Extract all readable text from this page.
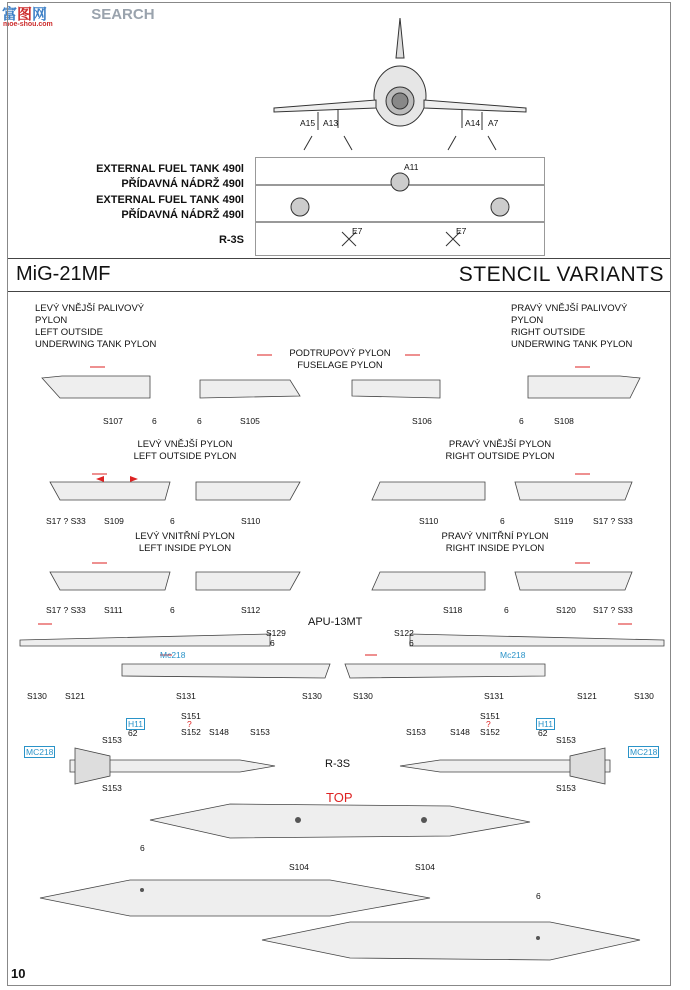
富图网	SEARCH
moe-shou.com
A15 A13	A14 A7
EXTERNAL FUEL TANK 490l
PŘÍDAVNÁ NÁDRŽ 490l
EXTERNAL FUEL TANK 490l
PŘÍDAVNÁ NÁDRŽ 490l
R-3S
A11
E7	E7
MiG-21MF	STENCIL VARIANTS
LEVÝ VNĚJŠÍ PALIVOVÝ
PYLON
LEFT OUTSIDE
UNDERWING TANK PYLON
PRAVÝ VNĚJŠÍ PALIVOVÝ
PYLON
RIGHT OUTSIDE
UNDERWING TANK PYLON
PODTRUPOVÝ PYLON
FUSELAGE PYLON
S107	6	6	S105	S106	6	S108
LEVÝ VNĚJŠÍ PYLON
LEFT OUTSIDE PYLON
PRAVÝ VNĚJŠÍ PYLON
RIGHT OUTSIDE PYLON
S17 ? S33 S109	6	S110	S110	6	S119 S17 ? S33
LEVÝ VNITŘNÍ PYLON
LEFT INSIDE PYLON
PRAVÝ VNITŘNÍ PYLON
RIGHT INSIDE PYLON
S17 ? S33 S111	6	S112	S118	6	S120 S17 ? S33
APU-13MT
S129
6
S122
6
Mc218	Mc218
S130 S121	S131	S130	S130	S131	S121	S130
H11
62
S151
?
S152 S148 S153
S153
MC218
S153
R-3S
S153	S148
S151
?
S152
H11
62
S153
MC218
S153
TOP
S104	S104
6
6
10
